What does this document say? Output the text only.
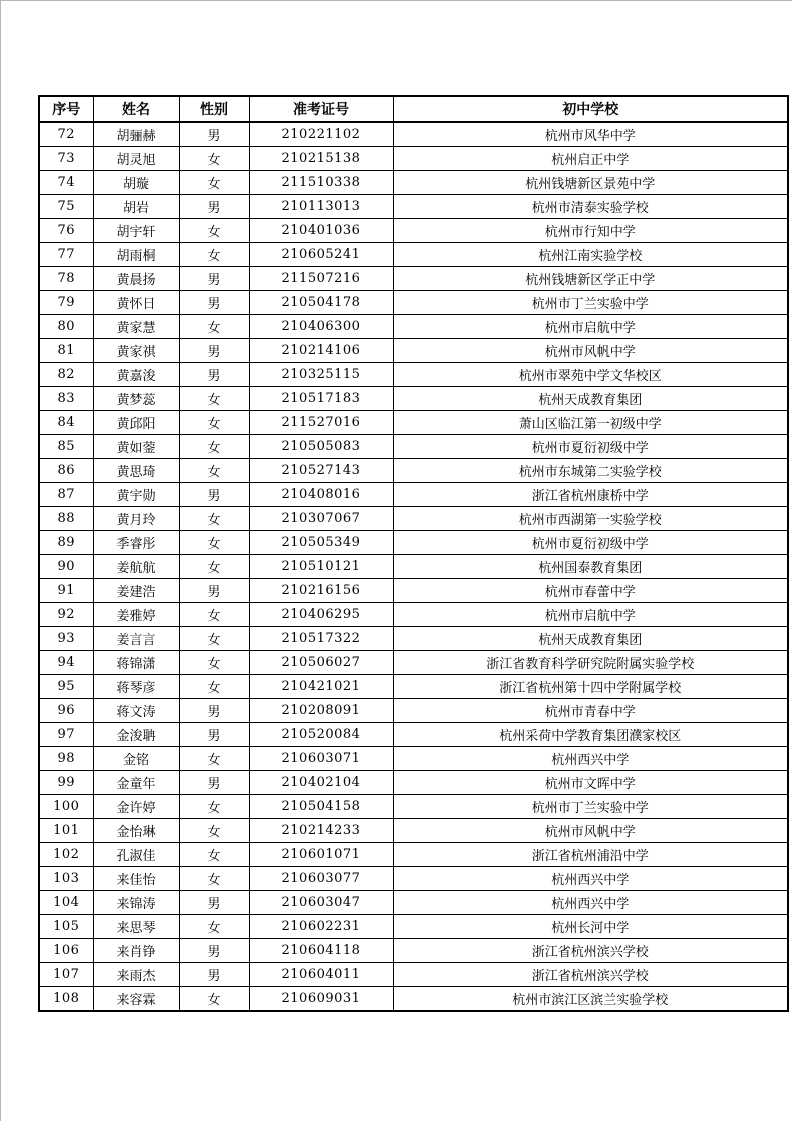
序号	姓名	性别	准考证号	初中学校
72	胡骊赫	男	210221102	杭州市风华中学
73	胡灵旭	女	210215138	杭州启正中学
74	胡璇	女	211510338	杭州钱塘新区景苑中学
75	胡岩	男	210113013	杭州市清泰实验学校
76	胡宇轩	女	210401036	杭州市行知中学
77	胡雨桐	女	210605241	杭州江南实验学校
78	黄晨扬	男	211507216	杭州钱塘新区学正中学
79	黄怀日	男	210504178	杭州市丁兰实验中学
80	黄家慧	女	210406300	杭州市启航中学
81	黄家祺	男	210214106	杭州市风帆中学
82	黄嘉浚	男	210325115	杭州市翠苑中学文华校区
83	黄梦蕊	女	210517183	杭州天成教育集团
84	黄邱阳	女	211527016	萧山区临江第一初级中学
85	黄如蓥	女	210505083	杭州市夏衍初级中学
86	黄思琦	女	210527143	杭州市东城第二实验学校
87	黄宇勋	男	210408016	浙江省杭州康桥中学
88	黄月玲	女	210307067	杭州市西湖第一实验学校
89	季睿彤	女	210505349	杭州市夏衍初级中学
90	姜航航	女	210510121	杭州国泰教育集团
91	姜建浩	男	210216156	杭州市春蕾中学
92	姜雅婷	女	210406295	杭州市启航中学
93	姜言言	女	210517322	杭州天成教育集团
94	蒋锦潇	女	210506027	浙江省教育科学研究院附属实验学校
95	蒋琴彦	女	210421021	浙江省杭州第十四中学附属学校
96	蒋文涛	男	210208091	杭州市青春中学
97	金浚聃	男	210520084	杭州采荷中学教育集团濮家校区
98	金铭	女	210603071	杭州西兴中学
99	金童年	男	210402104	杭州市文晖中学
100	金许婷	女	210504158	杭州市丁兰实验中学
101	金怡琳	女	210214233	杭州市风帆中学
102	孔淑佳	女	210601071	浙江省杭州浦沿中学
103	来佳怡	女	210603077	杭州西兴中学
104	来锦涛	男	210603047	杭州西兴中学
105	来思琴	女	210602231	杭州长河中学
106	来肖铮	男	210604118	浙江省杭州滨兴学校
107	来雨杰	男	210604011	浙江省杭州滨兴学校
108	来容霖	女	210609031	杭州市滨江区滨兰实验学校
